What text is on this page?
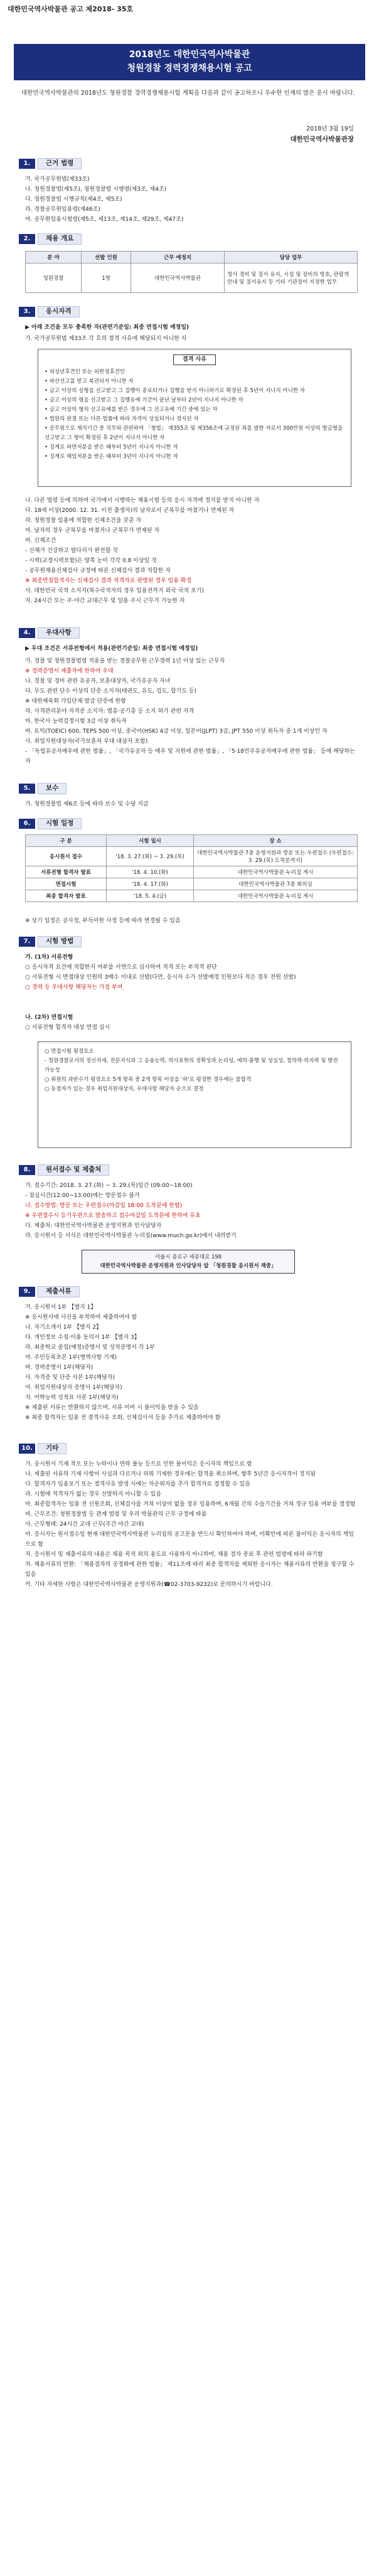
대한민국역사박물관 공고 제2018- 35호
2018년도 대한민국역사박물관
청원경찰 경력경쟁채용시험 공고
대한민국역사박물관의 2018년도 청원경찰 경력경쟁채용시험 계획을 다음과 같이 공고하오니 우수한 인재의 많은 응시 바랍니다.
2018년 3월 19일
대한민국역사박물관장
1.	근거 법령

가. 국가공무원법(제33조)

나. 청원경찰법(제5조), 청원경찰법 시행령(제3조, 제4조)

다. 청원경찰법 시행규칙(제4조, 제5조)

라. 경찰공무원임용령(제46조)

마. 공무원임용시험령(제5조, 제13조, 제14조, 제29조, 제47조)

2.	채용 개요
분 야	선발 인원	근무 예정지	담당 업무
청원경찰	1명	대한민국역사박물관	청사 경비 및 질서 유지, 시설 및 장비의 방호, 관람객 안내 및 질서유지 등 기타 기관장이 지정한 업무
3.	응시자격
▶ 아래 조건을 모두 충족한 자(관련기준일: 최종 면접시험 예정일)
가. 국가공무원법 제33조 각 호의 결격 사유에 해당되지 아니한 자

결격 사유

• 피성년후견인 또는 피한정후견인

• 파산선고를 받고 복권되지 아니한 자

• 금고 이상의 실형을 선고받고 그 집행이 종료되거나 집행을 받지 아니하기로 확정된 후 5년이 지나지 아니한 자

• 금고 이상의 형을 선고받고 그 집행유예 기간이 끝난 날부터 2년이 지나지 아니한 자

• 금고 이상의 형의 선고유예를 받은 경우에 그 선고유예 기간 중에 있는 자

• 법원의 판결 또는 다른 법률에 따라 자격이 상실되거나 정지된 자

• 공무원으로 재직기간 중 직무와 관련하여 「형법」 제355조 및 제356조에 규정된 죄를 범한 자로서 300만원 이상의 벌금형을 선고받고 그 형이 확정된 후 2년이 지나지 아니한 자

• 징계로 파면처분을 받은 때부터 5년이 지나지 아니한 자

• 징계로 해임처분을 받은 때부터 3년이 지나지 아니한 자

나. 다른 법령 등에 의하여 국가에서 시행하는 채용시험 등의 응시 자격에 정지를 받지 아니한 자

다. 18세 이상(2000. 12. 31. 이전 출생자)의 남자로서 군복무를 마쳤거나 면제된 자

라. 청원경찰 임용에 적합한 신체조건을 갖춘 자

마. 남자의 경우 군복무를 마쳤거나 군복무가 면제된 자

바. 신체조건

- 신체가 건강하고 팔다리가 완전할 것

- 시력(교정시력포함)은 양쪽 눈이 각각 0.8 이상일 것

- 공무원채용신체검사 규정에 따른 신체검사 결과 적합한 자

※ 최종면접합격자는 신체검사 결과 적격자로 판명된 경우 임용 확정

사. 대한민국 국적 소지자(복수국적자의 경우 임용전까지 외국 국적 포기)

자. 24시간 또는 주·야간 교대근무 및 일용 주시 근무가 가능한 자

4.	우대사항
▶ 우대 조건은 서류전형에서 적용(관련기준일: 최종 면접시험 예정일)

가. 경찰 및 청원경찰법령 적용을 받는 경찰공무원 근무경력 1년 이상 있는 근무자

※ 경력증명서 제출자에 한하여 우대

나. 경찰 및 경비 관련 유공자, 보훈대상자, 국가유공자 자녀

다. 무도 관련 단수 이상의 단증 소지자(태권도, 유도, 검도, 합기도 등)

※ 대한체육회 가입단체 발급 단증에 한함

라. 사격관리분야 자격증 소지자: 엽총·공기총 등 소지 허가 관련 자격

마. 한국사 능력검정시험 3급 이상 취득자

바. 토익(TOEIC) 600, TEPS 500 이상, 중국어(HSK) 4급 이상, 일본어(JLPT) 3급, JPT 550 이상 취득자 중 1개 이상인 자

사. 취업지원대상자(국가보훈처 우대 대상자 포함)

- 「독립유공자예우에 관한 법률」, 「국가유공자 등 예우 및 지원에 관한 법률」, 「5·18민주유공자예우에 관한 법률」 등에 해당하는 자

5.	보수
가. 청원경찰법 제6조 등에 따라 보수 및 수당 지급
6.	시험 일정
구 분	시험 일시	장 소
응시원서 접수	'18. 3. 27.(화) ~ 3. 29.(목)	대한민국역사박물관 7층 운영지원과 방문 또는 우편접수 (우편접수: 3. 29.(목) 도착분까지)
서류전형 합격자 발표	'18. 4. 10.(화)	대한민국역사박물관 누리집 게시
면접시험	'18. 4. 17.(화)	대한민국역사박물관 7층 회의실
최종 합격자 발표	'18. 5. 4.(금)	대한민국역사박물관 누리집 게시
※ 상기 일정은 공사정, 부득이한 사정 등에 따라 변경될 수 있음
7.	시험 방법

가. (1차) 서류전형

○ 응시자격 요건에 적합한지 여부를 서면으로 심사하여 적격 또는 부적격 판단

○ 서류전형 시 면접대상 인원의 3배수 이내로 선발(다만, 응시자 수가 선발예정 인원보다 적은 경우 전원 선발)

○ 경력 등 우대사항 해당자는 가점 부여

나. (2차) 면접시험

○ 서류전형 합격자 대상 면접 실시

○ 면접시험 평정요소

- 청원경찰로서의 정신자세, 전문지식과 그 응용능력, 의사표현의 정확성과 논리성, 예의·품행 및 성실성, 창의력·의지력 및 발전 가능성

○ 위원의 과반수가 평정요소 5개 항목 중 2개 항목 이상을 '하'로 평정한 경우에는 불합격

○ 동점자가 있는 경우 취업지원대상자, 우대사항 해당자 순으로 결정

8.	원서접수 및 제출처

가. 접수기간: 2018. 3. 27.(화) ~ 3. 29.(목)일간 (09:00~18:00)

- 점심시간(12:00~13:00)에는 방문접수 불가

나. 접수방법: 방문 또는 우편접수(마감일 18:00 도착분에 한함)

※ 우편접수시 등기우편으로 발송하고 접수마감일 도착분에 한하여 유효

다. 제출처: 대한민국역사박물관 운영지원과 인사담당자

라. 응시원서 등 서식은 대한민국역사박물관 누리집(www.much.go.kr)에서 내려받기

서울시 종로구 세종대로 198
대한민국역사박물관 운영지원과 인사담당자 앞 「청원경찰 응시원서 재중」
9.	제출서류

가. 응시원서 1부 【별지 1】

※ 응시원서에 사진을 부착하여 제출하여야 함

나. 자기소개서 1부 【별지 2】

다. 개인정보 수집·이용 동의서 1부 【별지 3】

라. 최종학교 졸업(예정)증명서 및 성적증명서 각 1부

마. 주민등록초본 1부(병역사항 기재)

바. 경력증명서 1부(해당자)

사. 자격증 및 단증 사본 1부(해당자)

아. 취업지원대상자 증명서 1부(해당자)

자. 어학능력 성적표 사본 1부(해당자)

※ 제출된 서류는 반환하지 않으며, 서류 미비 시 불이익을 받을 수 있음

※ 최종 합격자는 임용 전 결격사유 조회, 신체검사서 등을 추가로 제출하여야 함

10.	기타

가. 응시원서 기재 착오 또는 누락이나 연락 불능 등으로 인한 불이익은 응시자의 책임으로 함

나. 제출된 서류의 기재 사항이 사실과 다르거나 허위 기재한 경우에는 합격을 취소하며, 향후 5년간 응시자격이 정지됨

다. 합격자가 임용포기 또는 결격사유 발생 시에는 차순위자를 추가 합격자로 결정할 수 있음

라. 시험에 적격자가 없는 경우 선발하지 아니할 수 있음

마. 최종합격자는 임용 전 신원조회, 신체검사를 거쳐 이상이 없을 경우 임용하며, 6개월 간의 수습기간을 거쳐 정규 임용 여부를 결정함

바. 근무조건: 청원경찰법 등 관계 법령 및 우리 박물관의 근무 규정에 따름

사. 근무형태: 24시간 교대 근무(주간·야간 교대)

아. 응시자는 원서접수일 현재 대한민국역사박물관 누리집의 공고문을 반드시 확인하여야 하며, 미확인에 따른 불이익은 응시자의 책임으로 함

자. 응시원서 및 제출서류의 내용은 채용 목적 외의 용도로 사용하지 아니하며, 채용 절차 종료 후 관련 법령에 따라 파기함

차. 채용서류의 반환: 「채용절차의 공정화에 관한 법률」 제11조에 따라 최종 합격자를 제외한 응시자는 채용서류의 반환을 청구할 수 있음

카. 기타 자세한 사항은 대한민국역사박물관 운영지원과(☎02-3703-9232)로 문의하시기 바랍니다.
